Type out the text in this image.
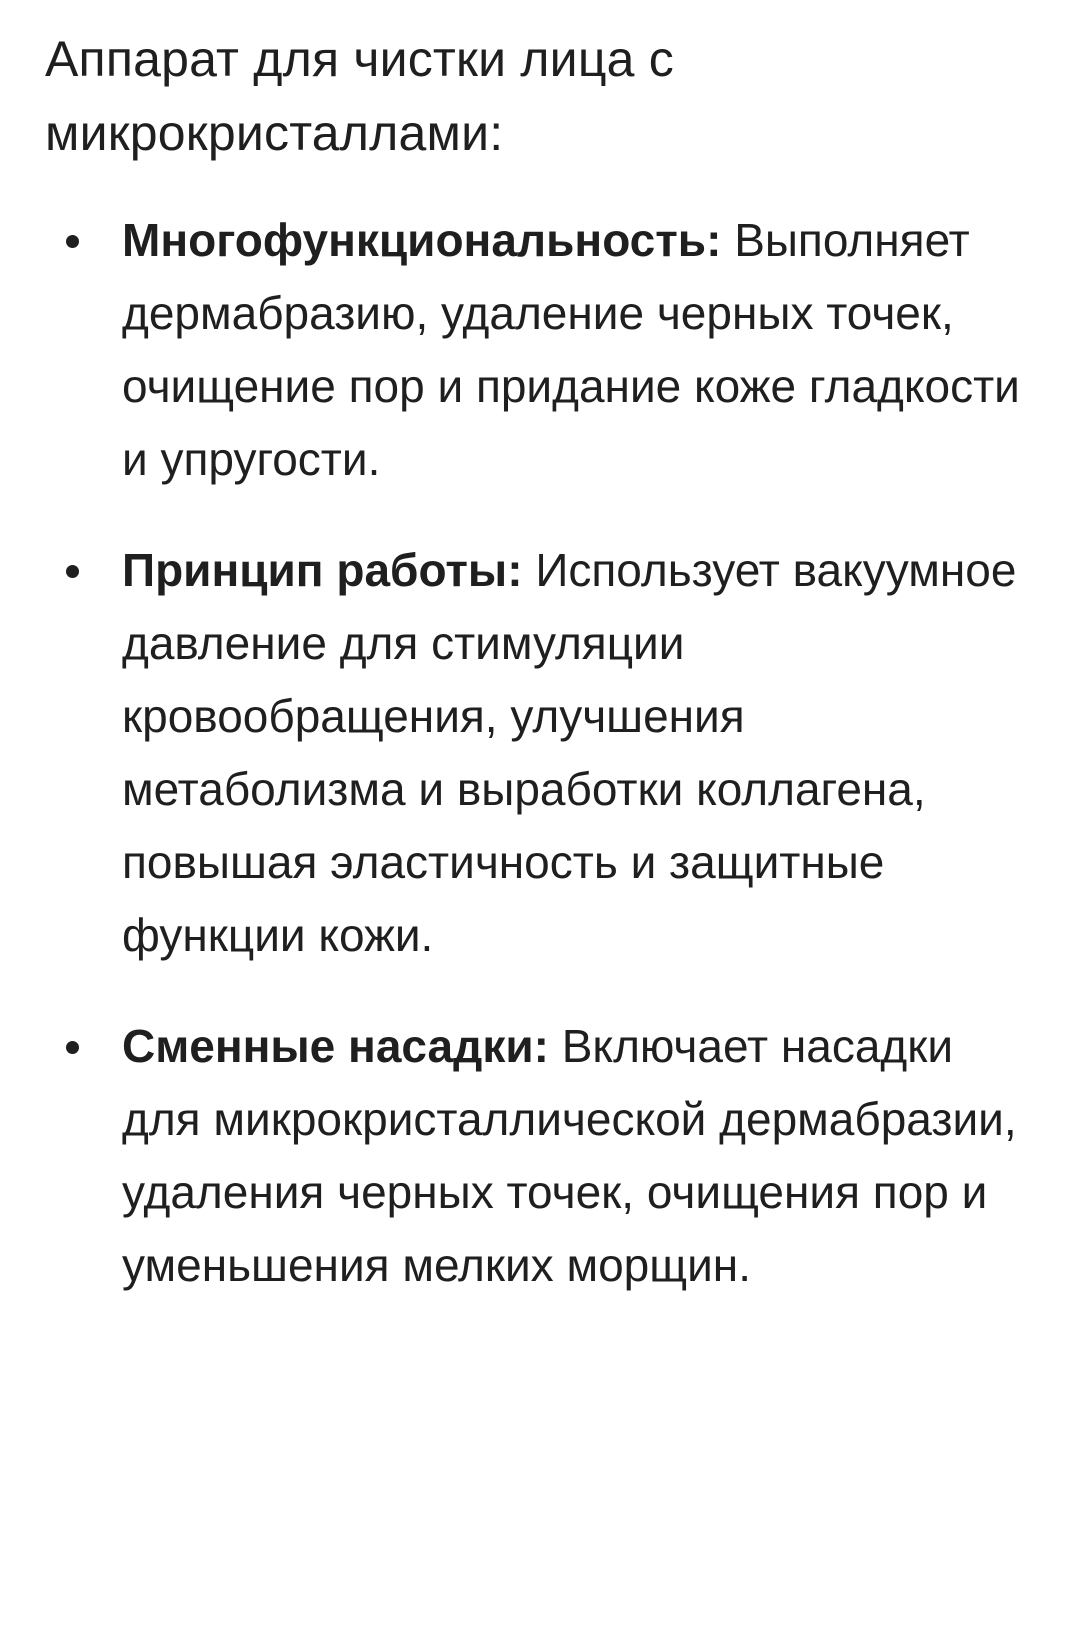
Аппарат для чистки лица с микрокристаллами:

Многофункциональность: Выполняет дермабразию, удаление черных точек, очищение пор и придание коже гладкости и упругости.
Принцип работы: Использует вакуумное давление для стимуляции кровообращения, улучшения метаболизма и выработки коллагена, повышая эластичность и защитные функции кожи.
Сменные насадки: Включает насадки для микрокристаллической дермабразии, удаления черных точек, очищения пор и уменьшения мелких морщин.
